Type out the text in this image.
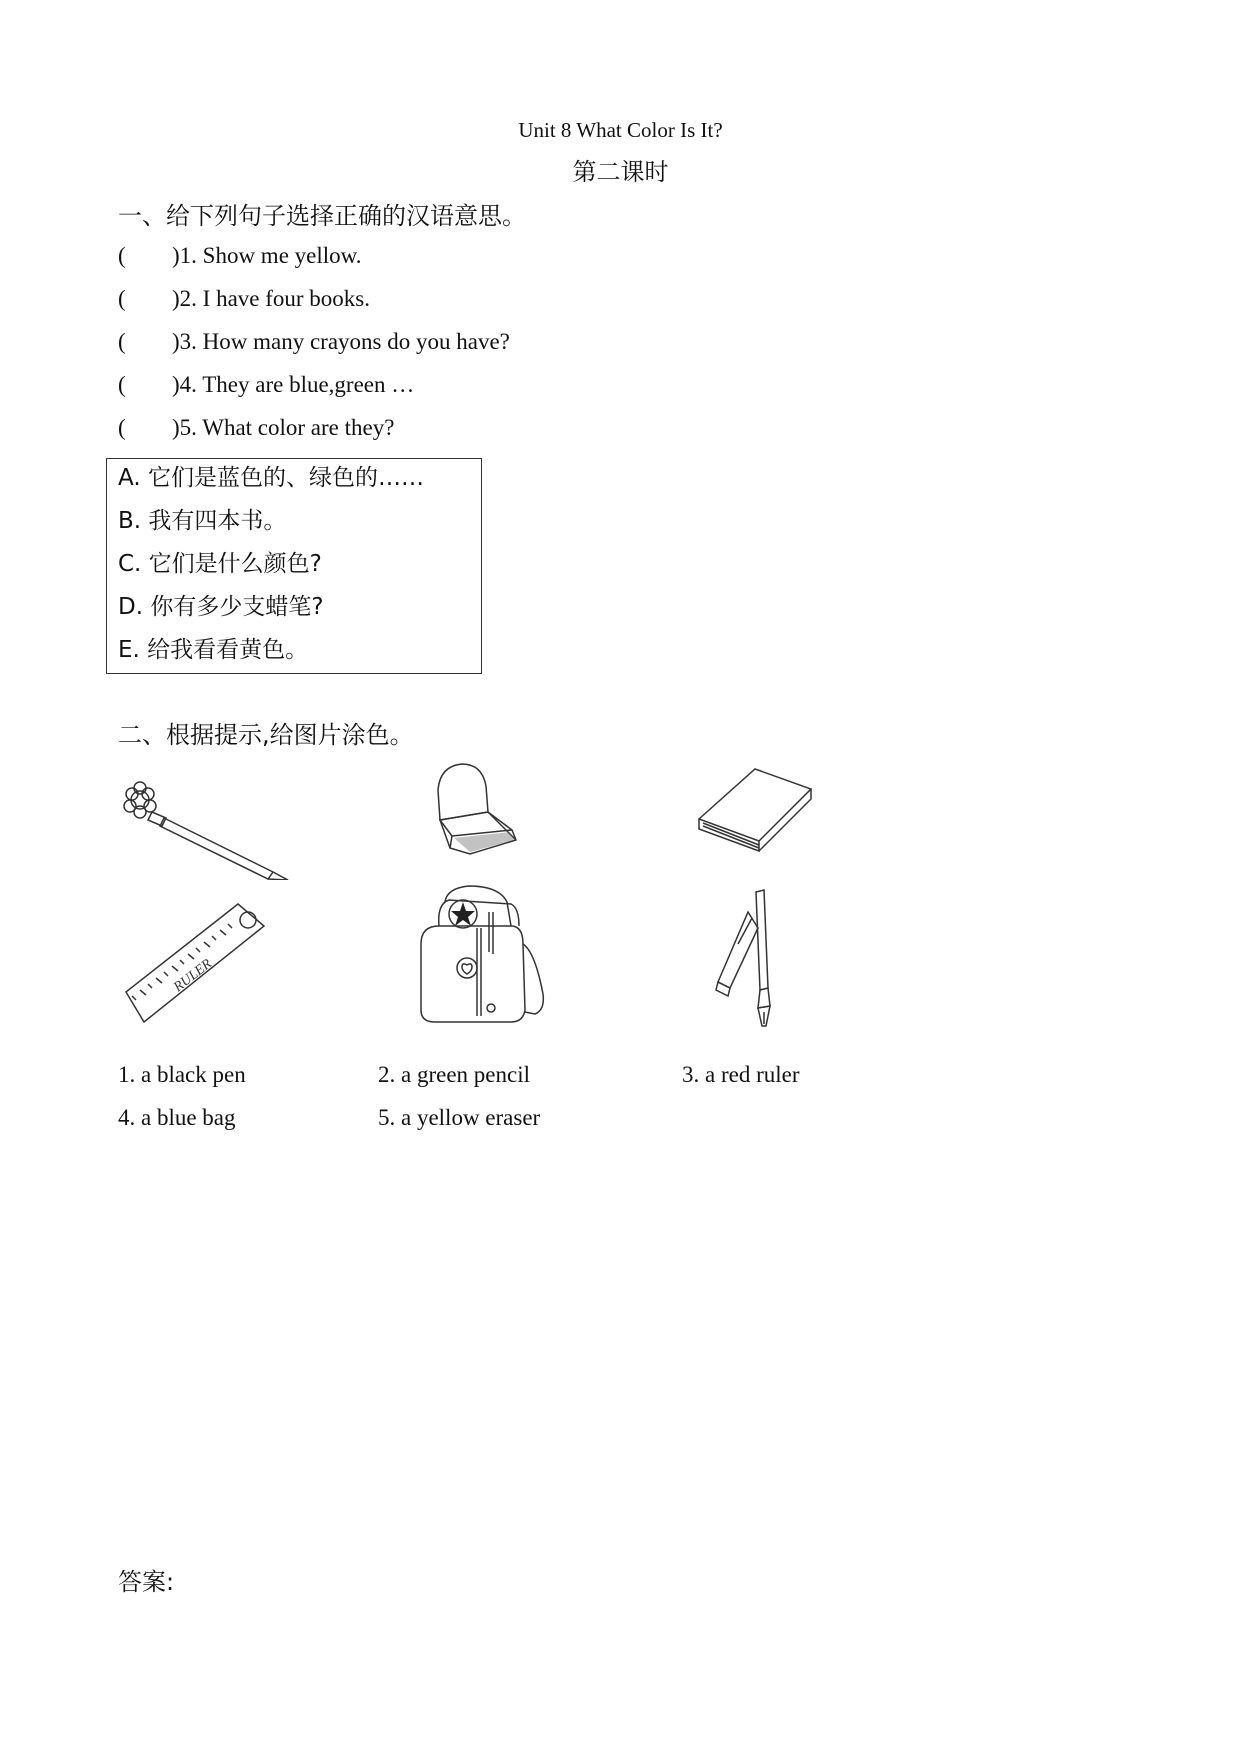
Unit 8 What Color Is It?
第二课时
一、给下列句子选择正确的汉语意思。
( )1. Show me yellow.
( )2. I have four books.
( )3. How many crayons do you have?
( )4. They are blue,green …
( )5. What color are they?
A. 它们是蓝色的、绿色的……
B. 我有四本书。
C. 它们是什么颜色?
D. 你有多少支蜡笔?
E. 给我看看黄色。
二、根据提示,给图片涂色。
RULER
1. a black pen	2. a green pencil	3. a red ruler
4. a blue bag	5. a yellow eraser
答案:
